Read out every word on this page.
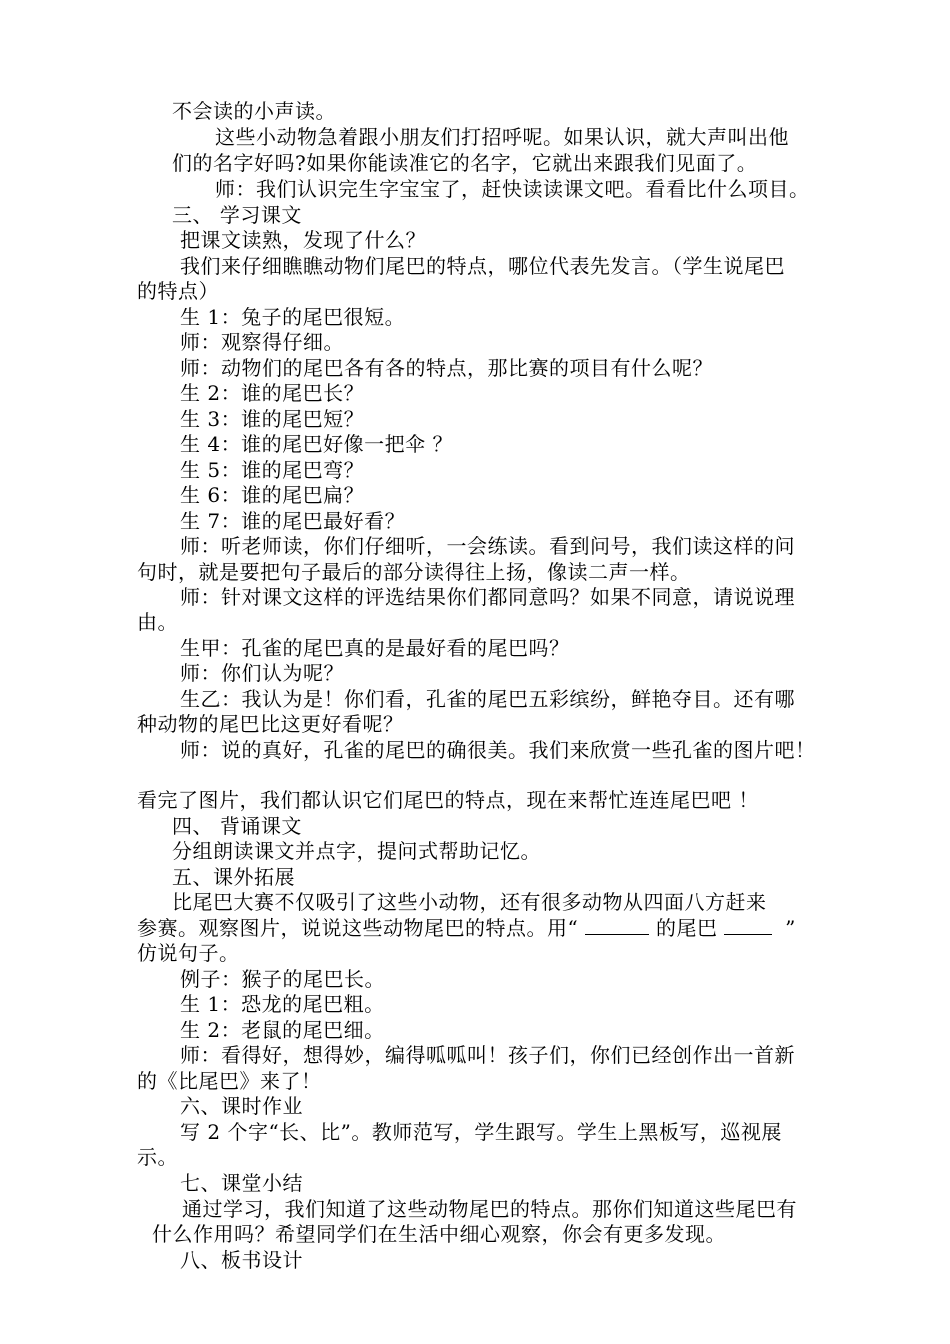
不会读的小声读。
这些小动物急着跟小朋友们打招呼呢。如果认识，就大声叫出他
们的名字好吗?如果你能读准它的名字，它就出来跟我们见面了。
师：我们认识完生字宝宝了，赶快读读课文吧。看看比什么项目。
三、 学习课文
把课文读熟，发现了什么？
我们来仔细瞧瞧动物们尾巴的特点，哪位代表先发言。（学生说尾巴
的特点）
生 1：兔子的尾巴很短。
师：观察得仔细。
师：动物们的尾巴各有各的特点，那比赛的项目有什么呢？
生 2：谁的尾巴长？
生 3：谁的尾巴短？
生 4：谁的尾巴好像一把伞 ？
生 5：谁的尾巴弯？
生 6：谁的尾巴扁？
生 7：谁的尾巴最好看？
师：听老师读，你们仔细听，一会练读。看到问号，我们读这样的问
句时，就是要把句子最后的部分读得往上扬，像读二声一样。
师：针对课文这样的评选结果你们都同意吗？如果不同意，请说说理
由。
生甲：孔雀的尾巴真的是最好看的尾巴吗？
师：你们认为呢？
生乙：我认为是！你们看，孔雀的尾巴五彩缤纷，鲜艳夺目。还有哪
种动物的尾巴比这更好看呢？
师：说的真好，孔雀的尾巴的确很美。我们来欣赏一些孔雀的图片吧！
看完了图片，我们都认识它们尾巴的特点，现在来帮忙连连尾巴吧 ！
四、 背诵课文
分组朗读课文并点字，提问式帮助记忆。
五、课外拓展
比尾巴大赛不仅吸引了这些小动物，还有很多动物从四面八方赶来
参赛。观察图片，说说这些动物尾巴的特点。用“	的尾巴	”
仿说句子。
例子：猴子的尾巴长。
生 1：恐龙的尾巴粗。
生 2：老鼠的尾巴细。
师：看得好，想得妙，编得呱呱叫！孩子们，你们已经创作出一首新
的《比尾巴》来了！
六、课时作业
写 2 个字“长、比”。教师范写，学生跟写。学生上黑板写，巡视展
示。
七、课堂小结
通过学习，我们知道了这些动物尾巴的特点。那你们知道这些尾巴有
什么作用吗？希望同学们在生活中细心观察，你会有更多发现。
八、板书设计
